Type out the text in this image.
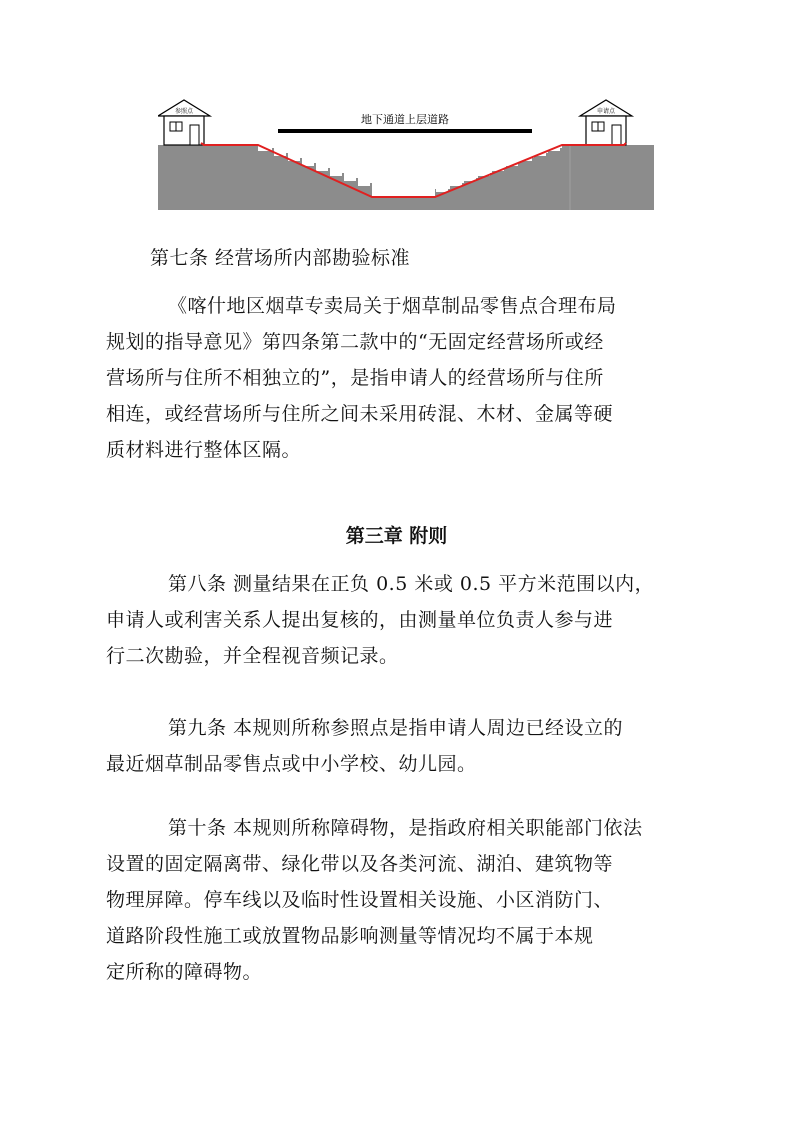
地下通道上层道路
参照点	申请点

第七条 经营场所内部勘验标准

《喀什地区烟草专卖局关于烟草制品零售点合理布局
规划的指导意见》第四条第二款中的“无固定经营场所或经
营场所与住所不相独立的”，是指申请人的经营场所与住所
相连，或经营场所与住所之间未采用砖混、木材、金属等硬
质材料进行整体区隔。

第三章 附则

第八条 测量结果在正负 0.5 米或 0.5 平方米范围以内，
申请人或利害关系人提出复核的，由测量单位负责人参与进
行二次勘验，并全程视音频记录。
第九条 本规则所称参照点是指申请人周边已经设立的
最近烟草制品零售点或中小学校、幼儿园。
第十条 本规则所称障碍物，是指政府相关职能部门依法
设置的固定隔离带、绿化带以及各类河流、湖泊、建筑物等
物理屏障。停车线以及临时性设置相关设施、小区消防门、
道路阶段性施工或放置物品影响测量等情况均不属于本规
定所称的障碍物。
